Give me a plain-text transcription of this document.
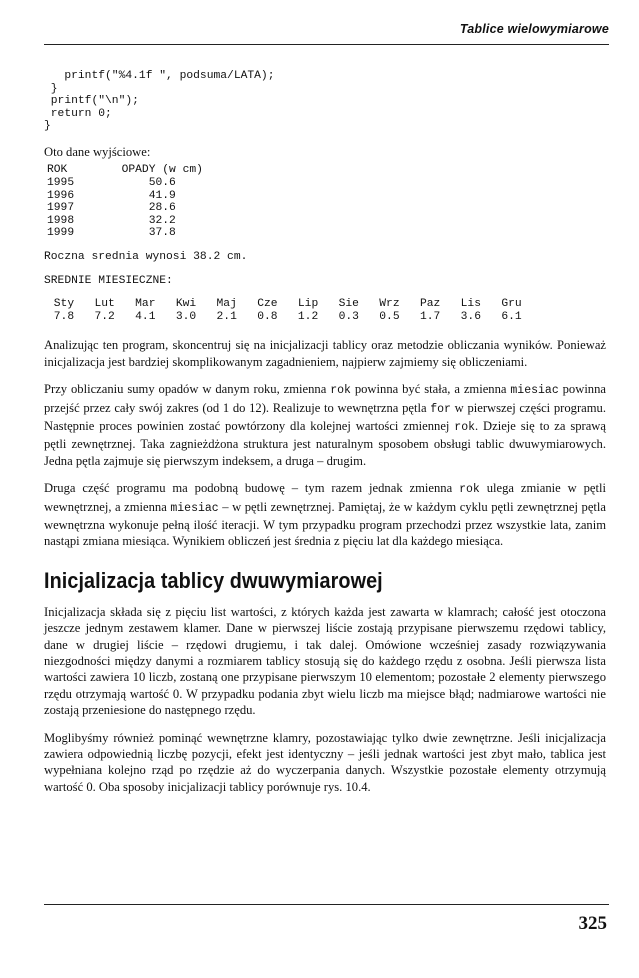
Tablice wielowymiarowe
printf("%4.1f ", podsuma/LATA);
}
printf("\n");
return 0;
}

Oto dane wyjściowe:

ROK	OPADY (w cm)
1995	50.6
1996	41.9
1997	28.6
1998	32.2
1999	37.8
Roczna srednia wynosi 38.2 cm.
SREDNIE MIESIECZNE:
Sty   Lut   Mar   Kwi   Maj   Cze   Lip   Sie   Wrz   Paz   Lis   Gru
7.8   7.2   4.1   3.0   2.1   0.8   1.2   0.3   0.5   1.7   3.6   6.1

Analizując ten program, skoncentruj się na inicjalizacji tablicy oraz metodzie obliczania wyników. Ponieważ inicjalizacja jest bardziej skomplikowanym zagadnieniem, najpierw zajmiemy się obliczeniami.

Przy obliczaniu sumy opadów w danym roku, zmienna rok powinna być stała, a zmienna miesiac powinna przejść przez cały swój zakres (od 1 do 12). Realizuje to wewnętrzna pętla for w pierwszej części programu. Następnie proces powinien zostać powtórzony dla kolejnej wartości zmiennej rok. Dzieje się to za sprawą pętli zewnętrznej. Taka zagnieżdżona struktura jest naturalnym sposobem obsługi tablic dwuwymiarowych. Jedna pętla zajmuje się pierwszym indeksem, a druga – drugim.

Druga część programu ma podobną budowę – tym razem jednak zmienna rok ulega zmianie w pętli wewnętrznej, a zmienna miesiac – w pętli zewnętrznej. Pamiętaj, że w każdym cyklu pętli zewnętrznej pętla wewnętrzna wykonuje pełną ilość iteracji. W tym przypadku program przechodzi przez wszystkie lata, zanim nastąpi zmiana miesiąca. Wynikiem obliczeń jest średnia z pięciu lat dla każdego miesiąca.

Inicjalizacja tablicy dwuwymiarowej

Inicjalizacja składa się z pięciu list wartości, z których każda jest zawarta w klamrach; całość jest otoczona jeszcze jednym zestawem klamer. Dane w pierwszej liście zostają przypisane pierwszemu rzędowi tablicy, dane w drugiej liście – rzędowi drugiemu, i tak dalej. Omówione wcześniej zasady rozwiązywania niezgodności między danymi a rozmiarem tablicy stosują się do każdego rzędu z osobna. Jeśli pierwsza lista wartości zawiera 10 liczb, zostaną one przypisane pierwszym 10 elementom; pozostałe 2 elementy pierwszego rzędu otrzymają wartość 0. W przypadku podania zbyt wielu liczb ma miejsce błąd; nadmiarowe wartości nie zostają przeniesione do następnego rzędu.

Moglibyśmy również pominąć wewnętrzne klamry, pozostawiając tylko dwie zewnętrzne. Jeśli inicjalizacja zawiera odpowiednią liczbę pozycji, efekt jest identyczny – jeśli jednak wartości jest zbyt mało, tablica jest wypełniana kolejno rząd po rzędzie aż do wyczerpania danych. Wszystkie pozostałe elementy otrzymują wartość 0. Oba sposoby inicjalizacji tablicy porównuje rys. 10.4.

325
